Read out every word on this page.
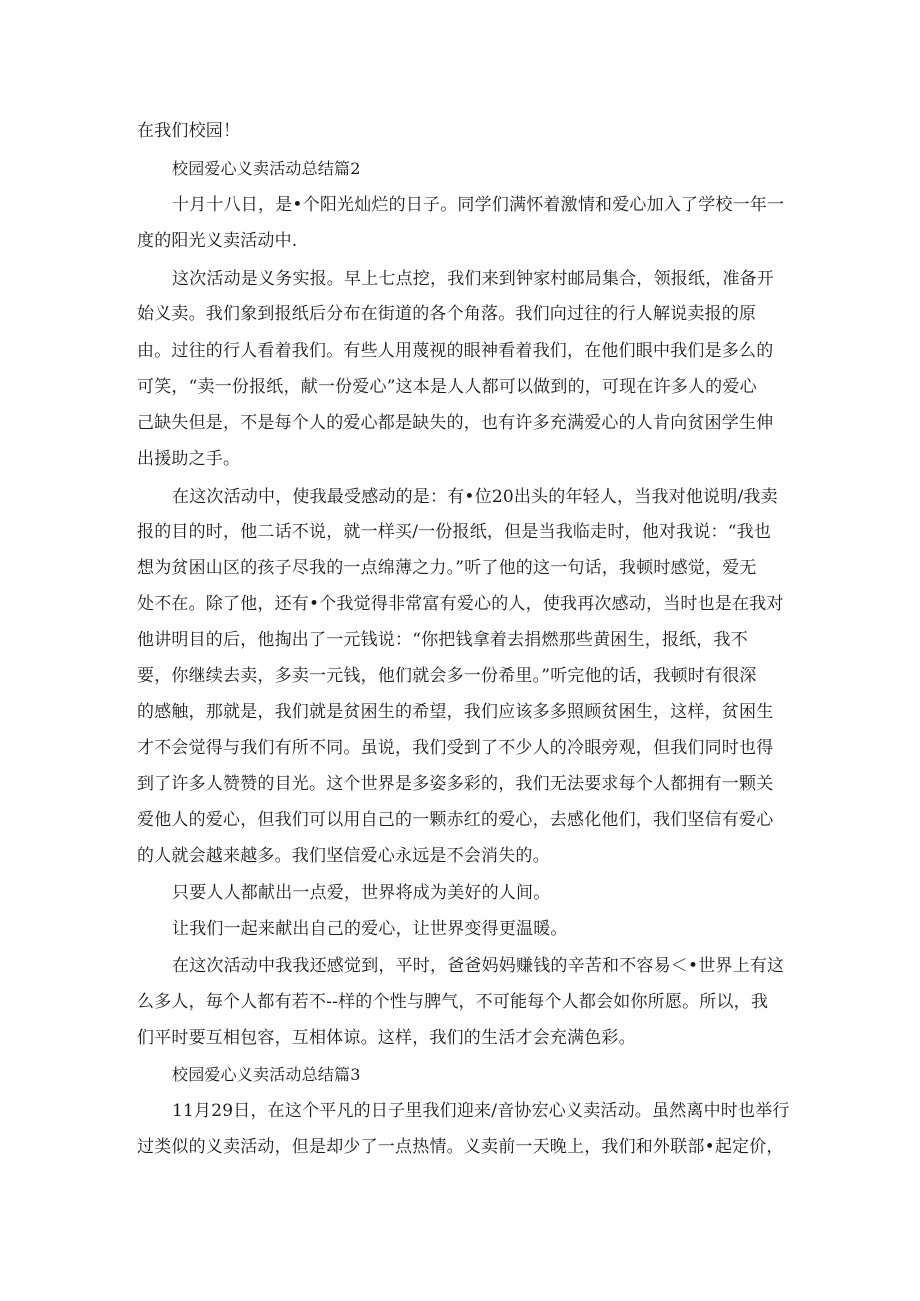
在我们校园！
校园爱心义卖活动总结篇2
十月十八日，是•个阳光灿烂的日子。同学们满怀着激情和爱心加入了学校一年一
度的阳光义卖活动中.
这次活动是义务实报。早上七点挖，我们来到钟家村邮局集合，领报纸，准备开
始义卖。我们象到报纸后分布在街道的各个角落。我们向过往的行人解说卖报的原
由。过往的行人看着我们。有些人用蔑视的眼神看着我们，在他们眼中我们是多么的
可笑，“卖一份报纸，献一份爱心”这本是人人都可以做到的，可现在许多人的爱心
己缺失但是，不是每个人的爱心都是缺失的，也有许多充满爱心的人肯向贫困学生伸
出援助之手。
在这次活动中，使我最受感动的是：有•位20出头的年轻人，当我对他说明/我卖
报的目的时，他二话不说，就一样买/一份报纸，但是当我临走时，他对我说：“我也
想为贫困山区的孩子尽我的一点绵薄之力。”听了他的这一句话，我顿时感觉，爱无
处不在。除了他，还有•个我觉得非常富有爱心的人，使我再次感动，当时也是在我对
他讲明目的后，他掏出了一元钱说：“你把钱拿着去捐燃那些黄困生，报纸，我不
要，你继续去卖，多卖一元钱，他们就会多一份希里。”听完他的话，我顿时有很深
的感触，那就是，我们就是贫困生的希望，我们应该多多照顾贫困生，这样，贫困生
才不会觉得与我们有所不同。虽说，我们受到了不少人的冷眼旁观，但我们同时也得
到了许多人赞赞的目光。这个世界是多姿多彩的，我们无法要求每个人都拥有一颗关
爱他人的爱心，但我们可以用自己的一颗赤红的爱心，去感化他们，我们坚信有爱心
的人就会越来越多。我们坚信爱心永远是不会消失的。
只要人人都献出一点爱，世界将成为美好的人间。
让我们一起来献出自己的爱心，让世界变得更温暖。
在这次活动中我我还感觉到，平时，爸爸妈妈赚钱的辛苦和不容易＜•世界上有这
么多人，毎个人都有若不--样的个性与脾气，不可能每个人都会如你所愿。所以，我
们平时要互相包容，互相体谅。这样，我们的生活才会充满色彩。
校园爱心义卖活动总结篇3
11月29日，在这个平凡的日子里我们迎来/音协宏心义卖活动。虽然离中时也举行
过类似的义卖活动，但是却少了一点热情。义卖前一天晚上，我们和外联部•起定价，
